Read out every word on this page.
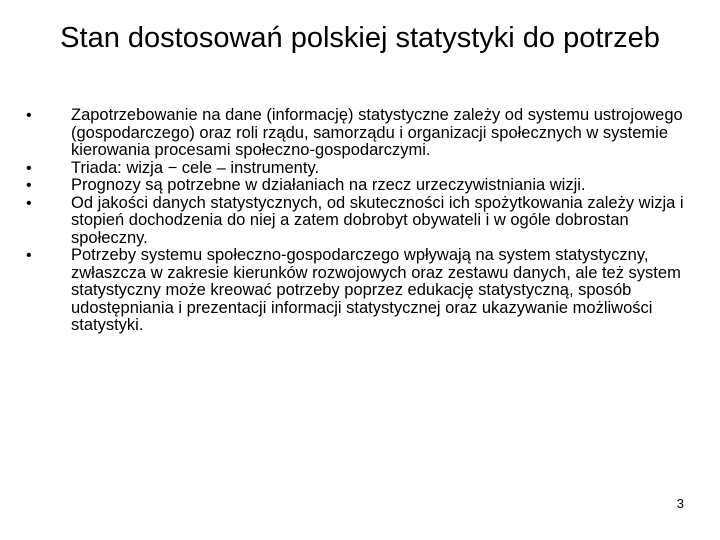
Stan dostosowań polskiej statystyki do potrzeb
•	Zapotrzebowanie na dane (informację) statystyczne zależy od systemu ustrojowego (gospodarczego) oraz roli rządu, samorządu i organizacji społecznych w systemie kierowania procesami społeczno-gospodarczymi.
•	Triada: wizja − cele – instrumenty.
•	Prognozy są potrzebne w działaniach na rzecz urzeczywistniania wizji.
•	Od jakości danych statystycznych, od skuteczności ich spożytkowania zależy wizja i stopień dochodzenia do niej a zatem dobrobyt obywateli i w ogóle dobrostan społeczny.
•	Potrzeby systemu społeczno-gospodarczego wpływają na system statystyczny, zwłaszcza w zakresie kierunków rozwojowych oraz zestawu danych, ale też system statystyczny może kreować potrzeby poprzez edukację statystyczną, sposób udostępniania i prezentacji informacji statystycznej oraz ukazywanie możliwości statystyki.
3
